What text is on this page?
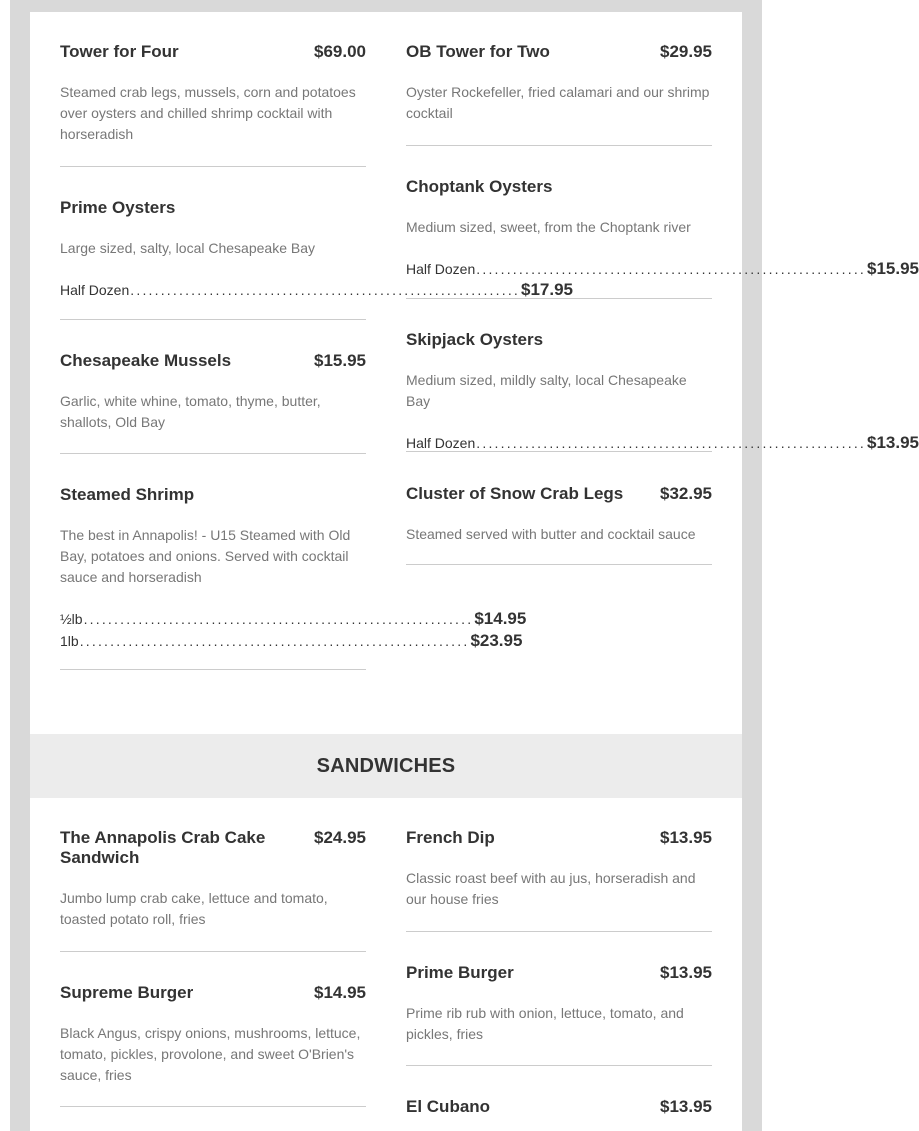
SANDWICHES
Tower for Four	$69.00
Steamed crab legs, mussels, corn and potatoes over oysters and chilled shrimp cocktail with horseradish
Prime Oysters
Large sized, salty, local Chesapeake Bay
Half Dozen ................................................................ $17.95
Chesapeake Mussels	$15.95
Garlic, white whine, tomato, thyme, butter, shallots, Old Bay
Steamed Shrimp
The best in Annapolis! - U15 Steamed with Old Bay, potatoes and onions. Served with cocktail sauce and horseradish
½lb ................................................................ $14.95
1lb ................................................................ $23.95
OB Tower for Two	$29.95
Oyster Rockefeller, fried calamari and our shrimp cocktail
Choptank Oysters
Medium sized, sweet, from the Choptank river
Half Dozen ................................................................ $15.95
Skipjack Oysters
Medium sized, mildly salty, local Chesapeake Bay
Half Dozen ................................................................ $13.95
Cluster of Snow Crab Legs $32.95
Steamed served with butter and cocktail sauce
The Annapolis Crab Cake Sandwich
$24.95
Jumbo lump crab cake, lettuce and tomato, toasted potato roll, fries
Supreme Burger	$14.95
Black Angus, crispy onions, mushrooms, lettuce, tomato, pickles, provolone, and sweet O'Brien's sauce, fries
French Dip	$13.95
Classic roast beef with au jus, horseradish and our house fries
Prime Burger	$13.95
Prime rib rub with onion, lettuce, tomato, and pickles, fries
El Cubano	$13.95
